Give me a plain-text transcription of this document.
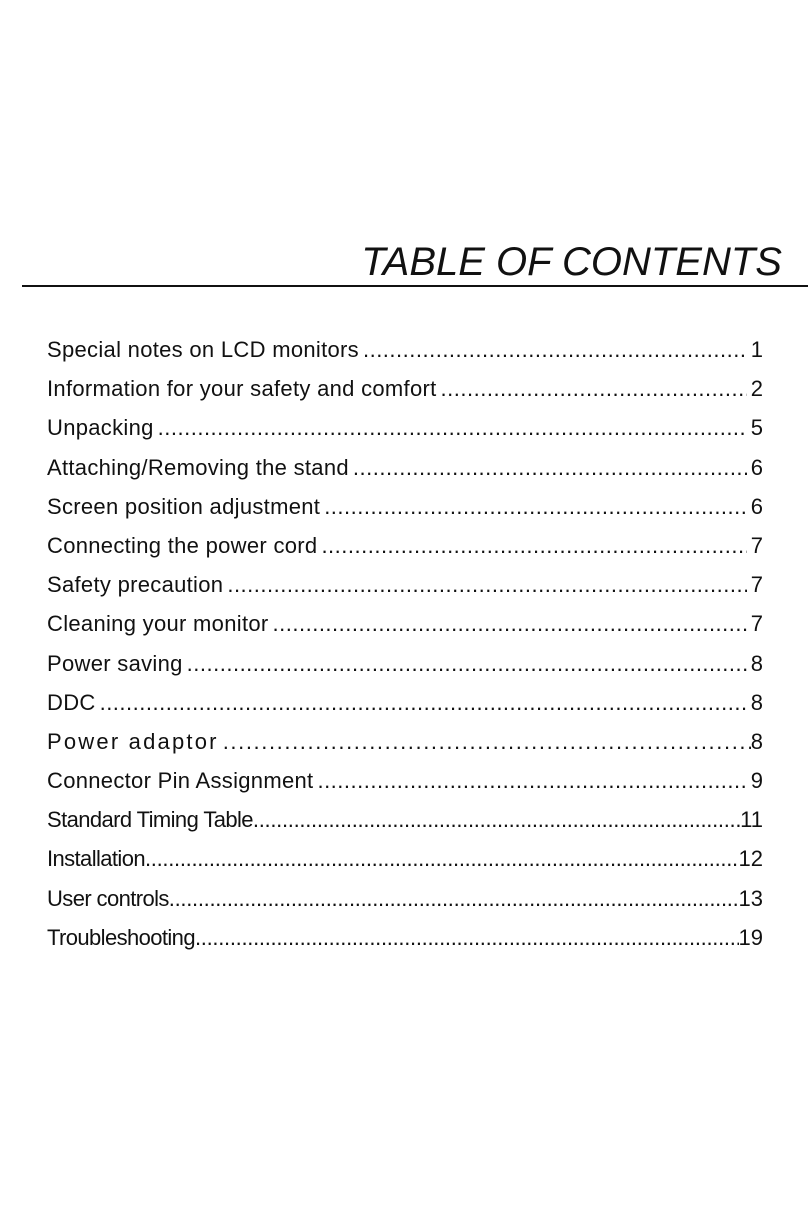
TABLE OF CONTENTS
Special notes on LCD monitors .....	1
Information for your safety and comfort .....	2
Unpacking .....	5
Attaching/Removing the stand .....	6
Screen position adjustment .....	6
Connecting the power cord .....	7
Safety precaution .....	7
Cleaning your monitor .....	7
Power saving .....	8
DDC .....	8
Power adaptor .....	8
Connector Pin Assignment .....	9
Standard Timing Table .....	11
Installation .....	12
User controls .....	13
Troubleshooting .....	19
